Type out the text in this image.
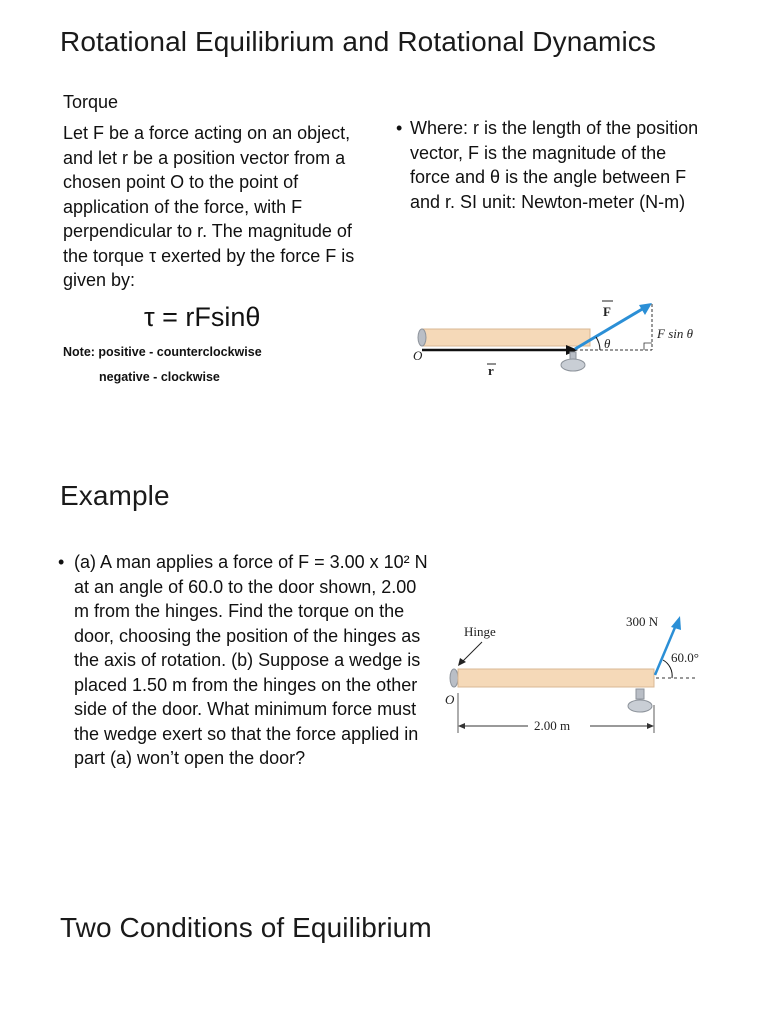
Rotational Equilibrium and Rotational Dynamics
Torque
Let F be a force acting on an object, and let r be a position vector from a chosen point O to the point of application of the force, with F perpendicular to r. The magnitude of the torque τ exerted by the force F is given by:
τ = rFsinθ
Note: positive - counterclockwise
negative - clockwise
• Where: r is the length of the position vector, F is the magnitude of the force and θ is the angle between F and r. SI unit: Newton-meter (N-m)
F
F sin θ
θ
O
r
Example
• (a) A man applies a force of F = 3.00 x 10² N at an angle of 60.0 to the door shown, 2.00 m from the hinges. Find the torque on the door, choosing the position of the hinges as the axis of rotation. (b) Suppose a wedge is placed 1.50 m from the hinges on the other side of the door. What minimum force must the wedge exert so that the force applied in part (a) won’t open the door?
Hinge
O
300 N
60.0°
2.00 m
Two Conditions of Equilibrium
